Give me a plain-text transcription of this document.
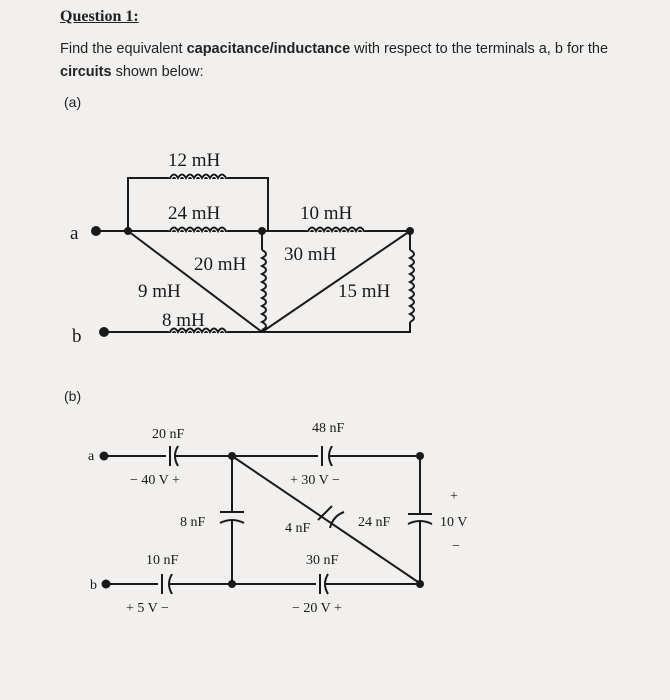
Question 1:
Find the equivalent capacitance/inductance with respect to the terminals a, b for the circuits shown below:
(a)
(b)
a
b
12 mH
24 mH	10 mH
20 mH 30 mH
9 mH	15 mH
8 mH
a
b
20 nF
− 40 V +
48 nF
+ 30 V −
8 nF	4 nF	24 nF
+
10 V
−
10 nF
+ 5 V −
30 nF
− 20 V +
